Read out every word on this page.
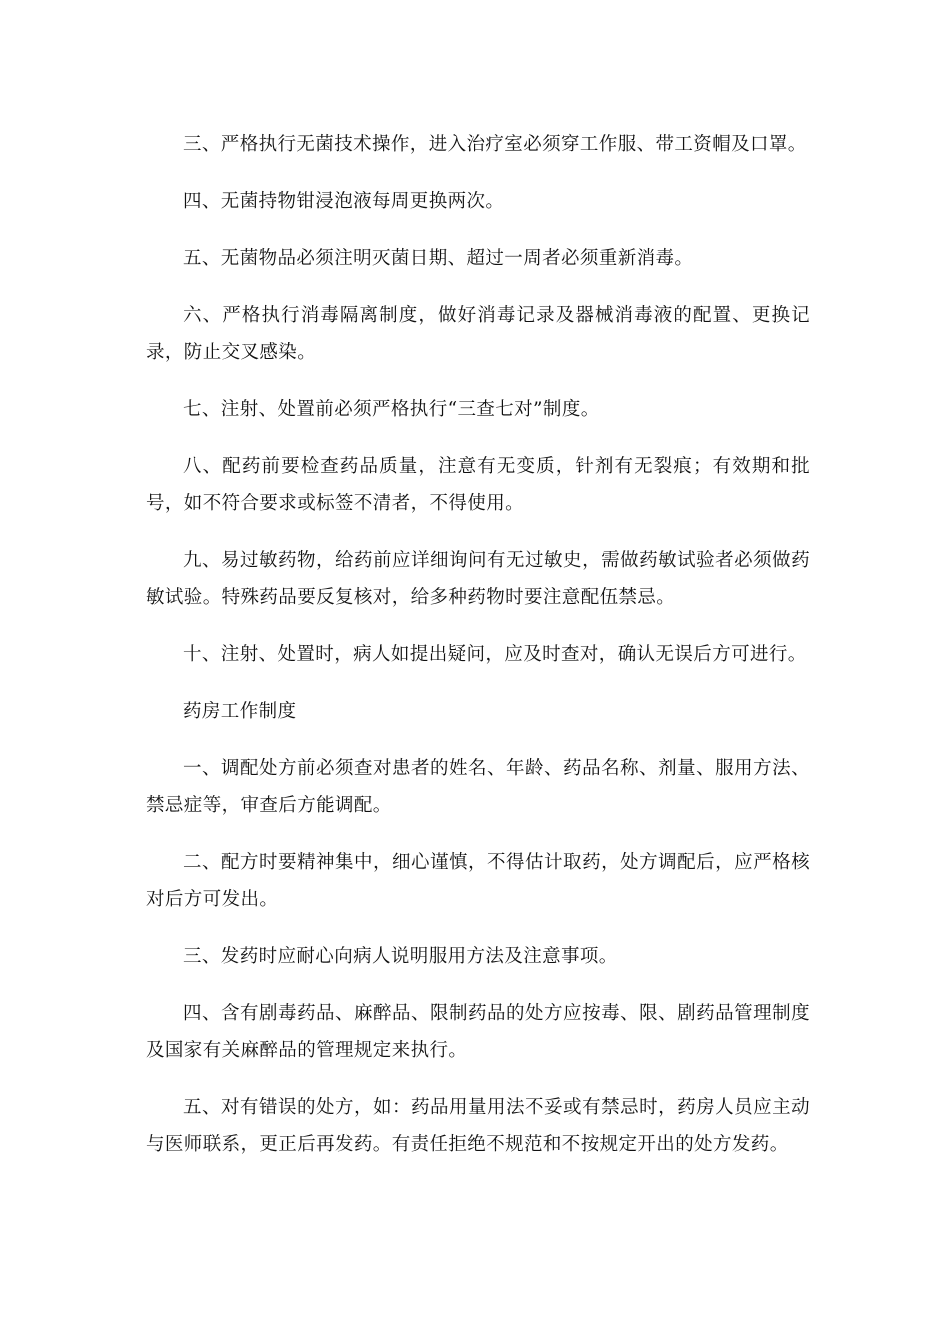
三、严格执行无菌技术操作，进入治疗室必须穿工作服、带工资帽及口罩。

四、无菌持物钳浸泡液每周更换两次。

五、无菌物品必须注明灭菌日期、超过一周者必须重新消毒。

六、严格执行消毒隔离制度，做好消毒记录及器械消毒液的配置、更换记录，防止交叉感染。

七、注射、处置前必须严格执行“三查七对”制度。

八、配药前要检查药品质量，注意有无变质，针剂有无裂痕；有效期和批号，如不符合要求或标签不清者，不得使用。

九、易过敏药物，给药前应详细询问有无过敏史，需做药敏试验者必须做药敏试验。特殊药品要反复核对，给多种药物时要注意配伍禁忌。

十、注射、处置时，病人如提出疑问，应及时查对，确认无误后方可进行。

药房工作制度

一、调配处方前必须查对患者的姓名、年龄、药品名称、剂量、服用方法、禁忌症等，审查后方能调配。

二、配方时要精神集中，细心谨慎，不得估计取药，处方调配后，应严格核对后方可发出。

三、发药时应耐心向病人说明服用方法及注意事项。

四、含有剧毒药品、麻醉品、限制药品的处方应按毒、限、剧药品管理制度及国家有关麻醉品的管理规定来执行。

五、对有错误的处方，如：药品用量用法不妥或有禁忌时，药房人员应主动与医师联系，更正后再发药。有责任拒绝不规范和不按规定开出的处方发药。
